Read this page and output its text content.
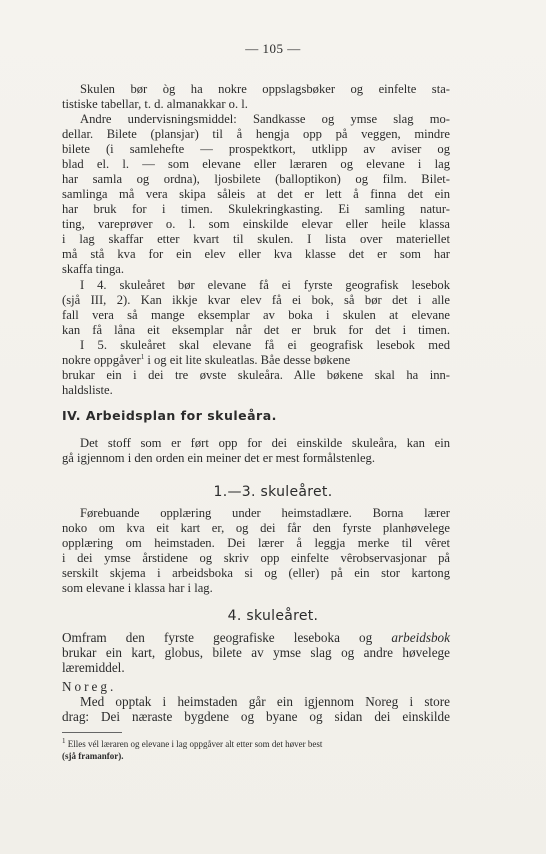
— 105 —
Skulen bør òg ha nokre oppslagsbøker og einfelte sta-
tistiske tabellar, t. d. almanakkar o. l.
Andre undervisningsmiddel: Sandkasse og ymse slag mo-
dellar. Bilete (plansjar) til å hengja opp på veggen, mindre
bilete (i samlehefte — prospektkort, utklipp av aviser og
blad el. l. — som elevane eller læraren og elevane i lag
har samla og ordna), ljosbilete (balloptikon) og film. Bilet-
samlinga må vera skipa såleis at det er lett å finna det ein
har bruk for i timen. Skulekringkasting. Ei samling natur-
ting, vareprøver o. l. som einskilde elevar eller heile klassa
i lag skaffar etter kvart til skulen. I lista over materiellet
må stå kva for ein elev eller kva klasse det er som har
skaffa tinga.
I 4. skuleåret bør elevane få ei fyrste geografisk lesebok
(sjå III, 2). Kan ikkje kvar elev få ei bok, så bør det i alle
fall vera så mange eksemplar av boka i skulen at elevane
kan få låna eit eksemplar når det er bruk for det i timen.
I 5. skuleåret skal elevane få ei geografisk lesebok med
nokre oppgåver$^1$ i og eit lite skuleatlas. Båe desse bøkene
brukar ein i dei tre øvste skuleåra. Alle bøkene skal ha inn-
haldsliste.
IV. Arbeidsplan for skuleåra.
Det stoff som er ført opp for dei einskilde skuleåra, kan ein
gå igjennom i den orden ein meiner det er mest formålstenleg.
1.—3. skuleåret.
Førebuande opplæring under heimstadlære. Borna lærer
noko om kva eit kart er, og dei får den fyrste planhøvelege
opplæring om heimstaden. Dei lærer å leggja merke til vêret
i dei ymse årstidene og skriv opp einfelte vêrobservasjonar på
serskilt skjema i arbeidsboka si og (eller) på ein stor kartong
som elevane i klassa har i lag.
4. skuleåret.
Omfram den fyrste geografiske leseboka og arbeidsbok
brukar ein kart, globus, bilete av ymse slag og andre høvelege
læremiddel.
Noreg.
Med opptak i heimstaden går ein igjennom Noreg i store
drag: Dei næraste bygdene og byane og sidan dei einskilde
$^1$ Elles vél læraren og elevane i lag oppgåver alt etter som det høver best
(sjå framanfor).
